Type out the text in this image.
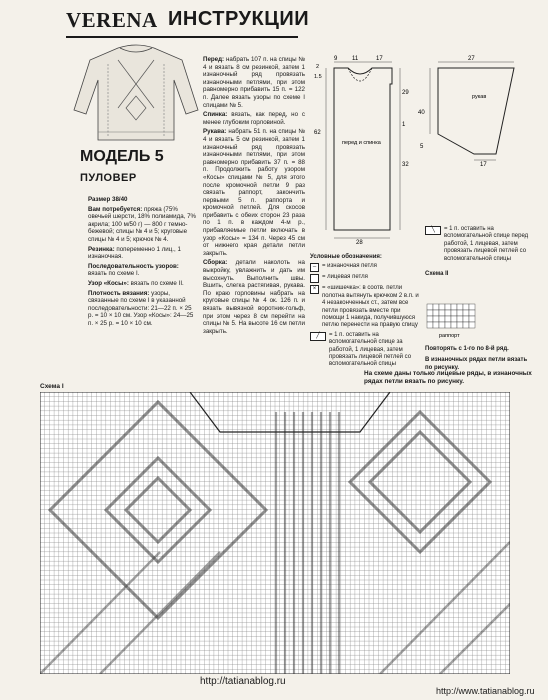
VERENA ИНСТРУКЦИИ
МОДЕЛЬ 5
ПУЛОВЕР

Размер 38/40

Вам потребуется: пряжа (75% овечьей шерсти, 18% полиамида, 7% акрила; 100 м/50 г) — 800 г темно-бежевой; спицы № 4 и 5; круговые спицы № 4 и 5; крючок № 4.

Резинка: попеременно 1 лиц., 1 изнаночная.

Последовательность узоров: вязать по схеме I.

Узор «Косы»: вязать по схеме II.

Плотность вязания: узоры, связанные по схеме I в указанной последовательности: 21—22 п. × 25 р. = 10 × 10 см. Узор «Косы»: 24—25 п. × 25 р. = 10 × 10 см.

Перед: набрать 107 п. на спицы № 4 и вязать 8 см резинкой, затем 1 изнаночный ряд провязать изнаночными петлями, при этом равномерно прибавить 15 п. = 122 п. Далее вязать узоры по схеме I спицами № 5.

Спинка: вязать, как перед, но с менее глубоким горловиной.

Рукава: набрать 51 п. на спицы № 4 и вязать 5 см резинкой, затем 1 изнаночный ряд провязать изнаночными петлями, при этом равномерно прибавить 37 п. = 88 п. Продолжить работу узором «Косы» спицами № 5, для этого после кромочной петли 9 раз связать раппорт, закончить первыми 5 п. раппорта и кромочной петлей. Для скосов прибавить с обеих сторон 23 раза по 1 п. в каждом 4-м р., прибавляемые петли включать в узор «Косы» = 134 п. Через 45 см от нижнего края детали петли закрыть.

Сборка: детали наколоть на выкройку, увлажнить и дать им высохнуть. Выполнить швы. Вшить, слегка растягивая, рукава. По краю горловины набрать на круговые спицы № 4 ок. 126 п. и вязать вывязной воротник-гольф, при этом через 8 см перейти на спицы № 5. На высоте 16 см петли закрыть.

9 11	17
62
2
1.5
29
1
32
28
перед и спинка
27
40
5
17
рукав

Условные обозначения:

–
= изнаночная петля
= лицевая петля
×
= «шишечка»: в соотв. петли полотна вытянуть крючком 2 в.п. и 4 незаконченных ст., затем все петли провязать вместе при помощи 1 накида, получившуюся петлю перенести на правую спицу
╱	= 1 п. оставить на вспомогательной спице за работой, 1 лицевая, затем провязать лицевой петлей со вспомогательной спицы
╲	= 1 п. оставить на вспомогательной спице перед работой, 1 лицевая, затем провязать лицевой петлей со вспомогательной спицы

Схема II

раппорт

Повторять с 1-го по 8-й ряд.

В изнаночных рядах петли вязать по рисунку.

На схеме даны только лицевые ряды, в изнаночных рядах петли вязать по рисунку.
Схема I
http://tatianablog.ru
http://www.tatianablog.ru
